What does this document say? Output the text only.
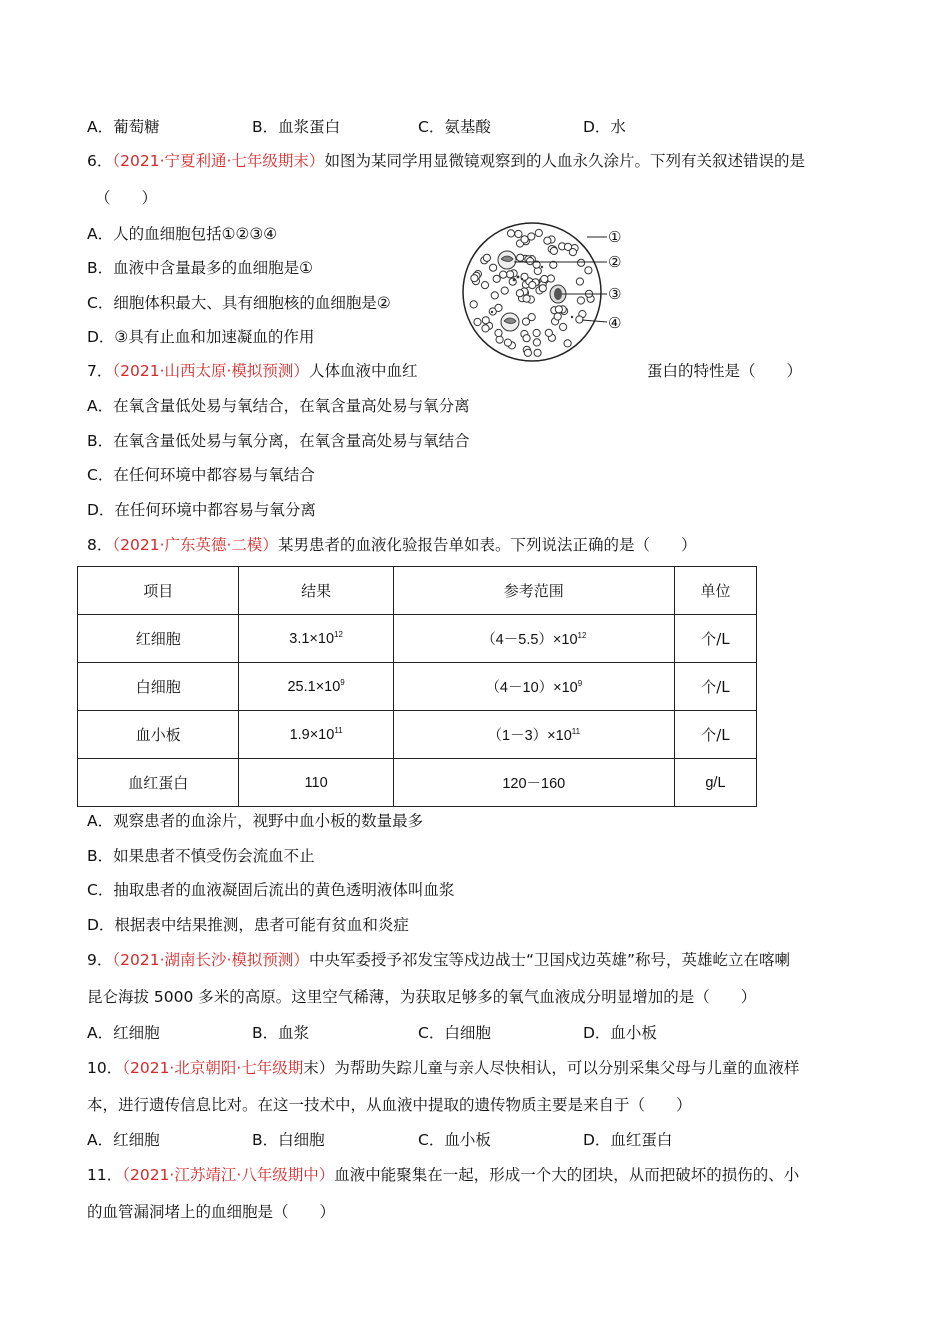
A．葡萄糖	B．血浆蛋白	C．氨基酸	D．水
6．（2021·宁夏利通·七年级期末）如图为某同学用显微镜观察到的人血永久涂片。下列有关叙述错误的是
（　　）
A．人的血细胞包括①②③④
B．血液中含量最多的血细胞是①
C．细胞体积最大、具有细胞核的血细胞是②
D．③具有止血和加速凝血的作用
①
②
③
④
7．（2021·山西太原·模拟预测）人体血液中血红	蛋白的特性是（　　）
A．在氧含量低处易与氧结合，在氧含量高处易与氧分离
B．在氧含量低处易与氧分离，在氧含量高处易与氧结合
C．在任何环境中都容易与氧结合
D．在任何环境中都容易与氧分离
8．（2021·广东英德·二模）某男患者的血液化验报告单如表。下列说法正确的是（　　）
项目	结果	参考范围	单位
红细胞	$3.1\times 10^{12}$	$(4-5.5)\times 10^{12}$	个/L
白细胞	$25.1\times 10^9$	$(4-10)\times 10^9$	个/L
血小板	$1.9\times 10^{11}$	$(1-3)\times 10^{11}$	个/L
血红蛋白	110	120－160	g/L
A．观察患者的血涂片，视野中血小板的数量最多
B．如果患者不慎受伤会流血不止
C．抽取患者的血液凝固后流出的黄色透明液体叫血浆
D．根据表中结果推测，患者可能有贫血和炎症
9．（2021·湖南长沙·模拟预测）中央军委授予祁发宝等戍边战士“卫国戍边英雄”称号，英雄屹立在喀喇
昆仑海拔 5000 多米的高原。这里空气稀薄，为获取足够多的氧气血液成分明显增加的是（　　）
A．红细胞	B．血浆	C．白细胞	D．血小板
10．（2021·北京朝阳·七年级期末）为帮助失踪儿童与亲人尽快相认，可以分别采集父母与儿童的血液样
本，进行遗传信息比对。在这一技术中，从血液中提取的遗传物质主要是来自于（　　）
A．红细胞	B．白细胞	C．血小板	D．血红蛋白
11．（2021·江苏靖江·八年级期中）血液中能聚集在一起，形成一个大的团块，从而把破坏的损伤的、小
的血管漏洞堵上的血细胞是（　　）
